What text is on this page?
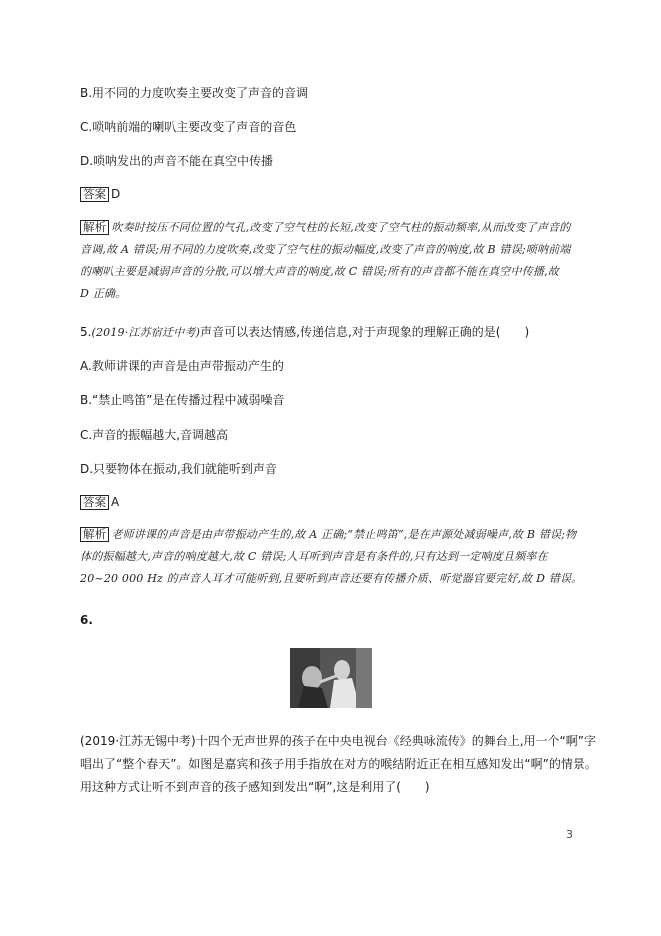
B.用不同的力度吹奏主要改变了声音的音调
C.唢呐前端的喇叭主要改变了声音的音色
D.唢呐发出的声音不能在真空中传播
答案 D
解析 吹奏时按压不同位置的气孔,改变了空气柱的长短,改变了空气柱的振动频率,从而改变了声音的
音调,故 A 错误;用不同的力度吹奏,改变了空气柱的振动幅度,改变了声音的响度,故 B 错误;唢呐前端
的喇叭主要是减弱声音的分散,可以增大声音的响度,故 C 错误;所有的声音都不能在真空中传播,故
D 正确。
5.(2019·江苏宿迁中考)声音可以表达情感,传递信息,对于声现象的理解正确的是(　　)
A.教师讲课的声音是由声带振动产生的
B.“禁止鸣笛”是在传播过程中减弱噪音
C.声音的振幅越大,音调越高
D.只要物体在振动,我们就能听到声音
答案 A
解析 老师讲课的声音是由声带振动产生的,故 A 正确;“禁止鸣笛”,是在声源处减弱噪声,故 B 错误;物
体的振幅越大,声音的响度越大,故 C 错误;人耳听到声音是有条件的,只有达到一定响度且频率在
20~20 000 Hz 的声音人耳才可能听到,且要听到声音还要有传播介质、听觉器官要完好,故 D 错误。
6.
(2019·江苏无锡中考)十四个无声世界的孩子在中央电视台《经典咏流传》的舞台上,用一个“啊”字
唱出了“整个春天”。如图是嘉宾和孩子用手指放在对方的喉结附近正在相互感知发出“啊”的情景。
用这种方式让听不到声音的孩子感知到发出“啊”,这是利用了(　　)
3
